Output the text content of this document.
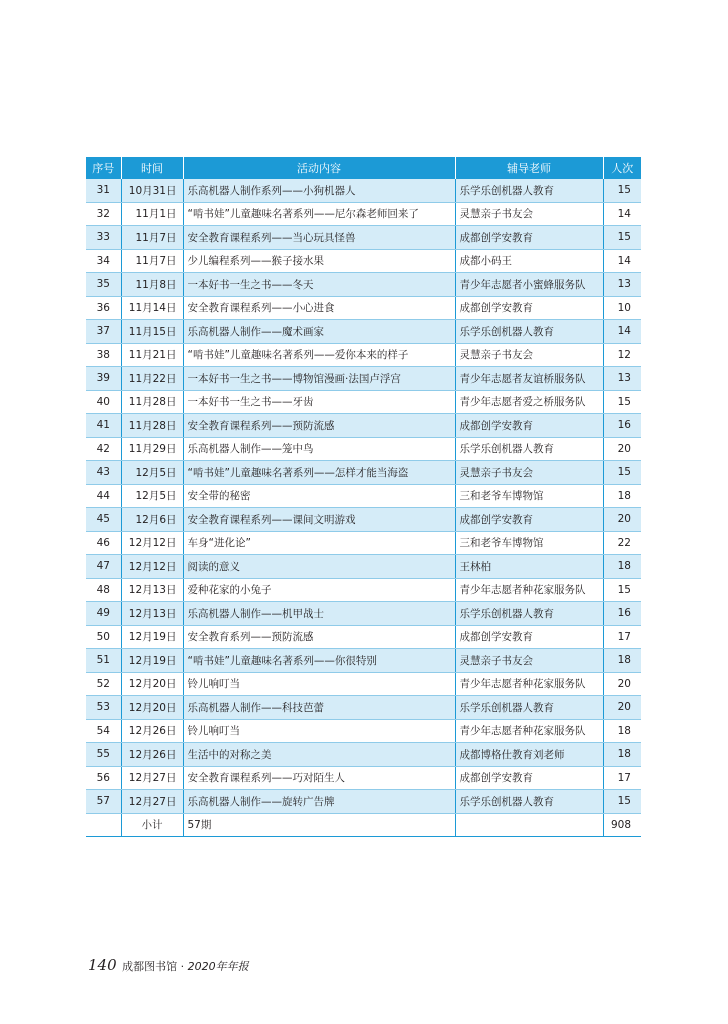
序号	时间	活动内容	辅导老师	人次
31	10月31日	乐高机器人制作系列——小狗机器人	乐学乐创机器人教育	15
32	11月1日	“啃书娃”儿童趣味名著系列——尼尔森老师回来了	灵慧亲子书友会	14
33	11月7日	安全教育课程系列——当心玩具怪兽	成都创学安教育	15
34	11月7日	少儿编程系列——猴子接水果	成都小码王	14
35	11月8日	一本好书一生之书——冬天	青少年志愿者小蜜蜂服务队	13
36	11月14日	安全教育课程系列——小心进食	成都创学安教育	10
37	11月15日	乐高机器人制作——魔术画家	乐学乐创机器人教育	14
38	11月21日	“啃书娃”儿童趣味名著系列——爱你本来的样子	灵慧亲子书友会	12
39	11月22日	一本好书一生之书——博物馆漫画·法国卢浮宫	青少年志愿者友谊桥服务队	13
40	11月28日	一本好书一生之书——牙齿	青少年志愿者爱之桥服务队	15
41	11月28日	安全教育课程系列——预防流感	成都创学安教育	16
42	11月29日	乐高机器人制作——笼中鸟	乐学乐创机器人教育	20
43	12月5日	“啃书娃”儿童趣味名著系列——怎样才能当海盗	灵慧亲子书友会	15
44	12月5日	安全带的秘密	三和老爷车博物馆	18
45	12月6日	安全教育课程系列——课间文明游戏	成都创学安教育	20
46	12月12日	车身“进化论”	三和老爷车博物馆	22
47	12月12日	阅读的意义	王林柏	18
48	12月13日	爱种花家的小兔子	青少年志愿者种花家服务队	15
49	12月13日	乐高机器人制作——机甲战士	乐学乐创机器人教育	16
50	12月19日	安全教育系列——预防流感	成都创学安教育	17
51	12月19日	“啃书娃”儿童趣味名著系列——你很特别	灵慧亲子书友会	18
52	12月20日	铃儿响叮当	青少年志愿者种花家服务队	20
53	12月20日	乐高机器人制作——科技芭蕾	乐学乐创机器人教育	20
54	12月26日	铃儿响叮当	青少年志愿者种花家服务队	18
55	12月26日	生活中的对称之美	成都博格仕教育刘老师	18
56	12月27日	安全教育课程系列——巧对陌生人	成都创学安教育	17
57	12月27日	乐高机器人制作——旋转广告牌	乐学乐创机器人教育	15
	小计	57期		908
140 成都图书馆 · 2020年年报
